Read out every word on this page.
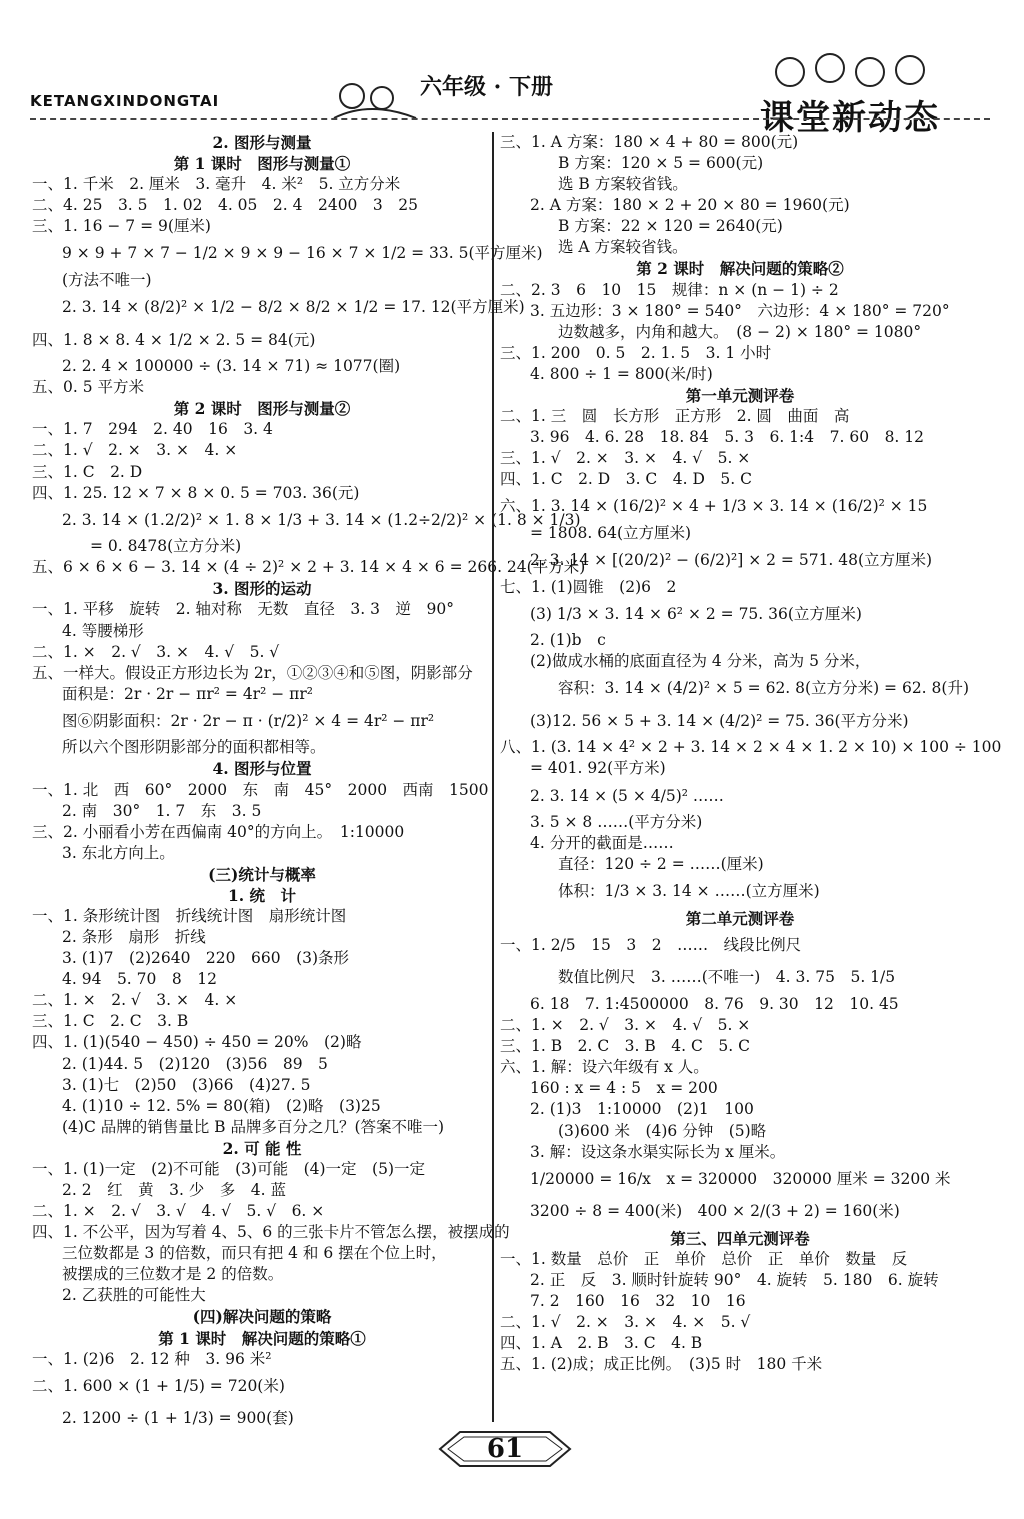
KETANGXINDONGTAI
六年级 · 下册
课堂新动态
2. 图形与测量
第 1 课时　图形与测量①
一、1. 千米　2. 厘米　3. 毫升　4. 米²　5. 立方分米
二、4. 25　3. 5　1. 02　4. 05　2. 4　2400　3　25
三、1. 16 − 7 = 9(厘米)
9 × 9 + 7 × 7 − 1/2 × 9 × 9 − 16 × 7 × 1/2 = 33. 5(平方厘米)
(方法不唯一)
2. 3. 14 × (8/2)² × 1/2 − 8/2 × 8/2 × 1/2 = 17. 12(平方厘米)
四、1. 8 × 8. 4 × 1/2 × 2. 5 = 84(元)
2. 2. 4 × 100000 ÷ (3. 14 × 71) ≈ 1077(圈)
五、0. 5 平方米
第 2 课时　图形与测量②
一、1. 7　294　2. 40　16　3. 4
二、1. √　2. ×　3. ×　4. ×
三、1. C　2. D
四、1. 25. 12 × 7 × 8 × 0. 5 = 703. 36(元)
2. 3. 14 × (1.2/2)² × 1. 8 × 1/3 + 3. 14 × (1.2÷2/2)² × (1. 8 × 1/3)
= 0. 8478(立方分米)
五、6 × 6 × 6 − 3. 14 × (4 ÷ 2)² × 2 + 3. 14 × 4 × 6 = 266. 24(平方米)
3. 图形的运动
一、1. 平移　旋转　2. 轴对称　无数　直径　3. 3　逆　90°
4. 等腰梯形
二、1. ×　2. √　3. ×　4. √　5. √
五、一样大。假设正方形边长为 2r，①②③④和⑤图，阴影部分
面积是：2r · 2r − πr² = 4r² − πr²
图⑥阴影面积：2r · 2r − π · (r/2)² × 4 = 4r² − πr²
所以六个图形阴影部分的面积都相等。
4. 图形与位置
一、1. 北　西　60°　2000　东　南　45°　2000　西南　1500
2. 南　30°　1. 7　东　3. 5
三、2. 小丽看小芳在西偏南 40°的方向上。　1:10000
3. 东北方向上。
(三)统计与概率
1. 统　计
一、1. 条形统计图　折线统计图　扇形统计图
2. 条形　扇形　折线
3. (1)7　(2)2640　220　660　(3)条形
4. 94　5. 70　8　12
二、1. ×　2. √　3. ×　4. ×
三、1. C　2. C　3. B
四、1. (1)(540 − 450) ÷ 450 = 20%　(2)略
2. (1)44. 5　(2)120　(3)56　89　5
3. (1)七　(2)50　(3)66　(4)27. 5
4. (1)10 ÷ 12. 5% = 80(箱)　(2)略　(3)25
(4)C 品牌的销售量比 B 品牌多百分之几？(答案不唯一)
2. 可 能 性
一、1. (1)一定　(2)不可能　(3)可能　(4)一定　(5)一定
2. 2　红　黄　3. 少　多　4. 蓝
二、1. ×　2. √　3. √　4. √　5. √　6. ×
四、1. 不公平，因为写着 4、5、6 的三张卡片不管怎么摆，被摆成的
三位数都是 3 的倍数，而只有把 4 和 6 摆在个位上时，
被摆成的三位数才是 2 的倍数。
2. 乙获胜的可能性大
(四)解决问题的策略
第 1 课时　解决问题的策略①
一、1. (2)6　2. 12 种　3. 96 米²
二、1. 600 × (1 + 1/5) = 720(米)
2. 1200 ÷ (1 + 1/3) = 900(套)
三、1. A 方案：180 × 4 + 80 = 800(元)
B 方案：120 × 5 = 600(元)
选 B 方案较省钱。
2. A 方案：180 × 2 + 20 × 80 = 1960(元)
B 方案：22 × 120 = 2640(元)
选 A 方案较省钱。
第 2 课时　解决问题的策略②
二、2. 3　6　10　15　规律：n × (n − 1) ÷ 2
3. 五边形：3 × 180° = 540°　六边形：4 × 180° = 720°
边数越多，内角和越大。　(8 − 2) × 180° = 1080°
三、1. 200　0. 5　2. 1. 5　3. 1 小时
4. 800 ÷ 1 = 800(米/时)
第一单元测评卷
二、1. 三　圆　长方形　正方形　2. 圆　曲面　高
3. 96　4. 6. 28　18. 84　5. 3　6. 1:4　7. 60　8. 12
三、1. √　2. ×　3. ×　4. √　5. ×
四、1. C　2. D　3. C　4. D　5. C
六、1. 3. 14 × (16/2)² × 4 + 1/3 × 3. 14 × (16/2)² × 15
= 1808. 64(立方厘米)
2. 3. 14 × [(20/2)² − (6/2)²] × 2 = 571. 48(立方厘米)
七、1. (1)圆锥　(2)6　2
(3) 1/3 × 3. 14 × 6² × 2 = 75. 36(立方厘米)
2. (1)b　c
(2)做成水桶的底面直径为 4 分米，高为 5 分米，
容积：3. 14 × (4/2)² × 5 = 62. 8(立方分米) = 62. 8(升)
(3)12. 56 × 5 + 3. 14 × (4/2)² = 75. 36(平方分米)
八、1. (3. 14 × 4² × 2 + 3. 14 × 2 × 4 × 1. 2 × 10) × 100 ÷ 100
= 401. 92(平方米)
2. 3. 14 × (5 × 4/5)² ……
3. 5 × 8 ……(平方分米)
4. 分开的截面是……
直径：120 ÷ 2 = ……(厘米)
体积：1/3 × 3. 14 × ……(立方厘米)
第二单元测评卷
一、1. 2/5　15　3　2　……　线段比例尺
数值比例尺　3. ……(不唯一)　4. 3. 75　5. 1/5
6. 18　7. 1:4500000　8. 76　9. 30　12　10. 45
二、1. ×　2. √　3. ×　4. √　5. ×
三、1. B　2. C　3. B　4. C　5. C
六、1. 解：设六年级有 x 人。
160 : x = 4 : 5　x = 200
2. (1)3　1:10000　(2)1　100
(3)600 米　(4)6 分钟　(5)略
3. 解：设这条水渠实际长为 x 厘米。
1/20000 = 16/x　x = 320000　320000 厘米 = 3200 米
3200 ÷ 8 = 400(米)　400 × 2/(3 + 2) = 160(米)
第三、四单元测评卷
一、1. 数量　总价　正　单价　总价　正　单价　数量　反
2. 正　反　3. 顺时针旋转 90°　4. 旋转　5. 180　6. 旋转
7. 2　160　16　32　10　16
二、1. √　2. ×　3. ×　4. ×　5. √
四、1. A　2. B　3. C　4. B
五、1. (2)成；成正比例。　(3)5 时　180 千米
61
